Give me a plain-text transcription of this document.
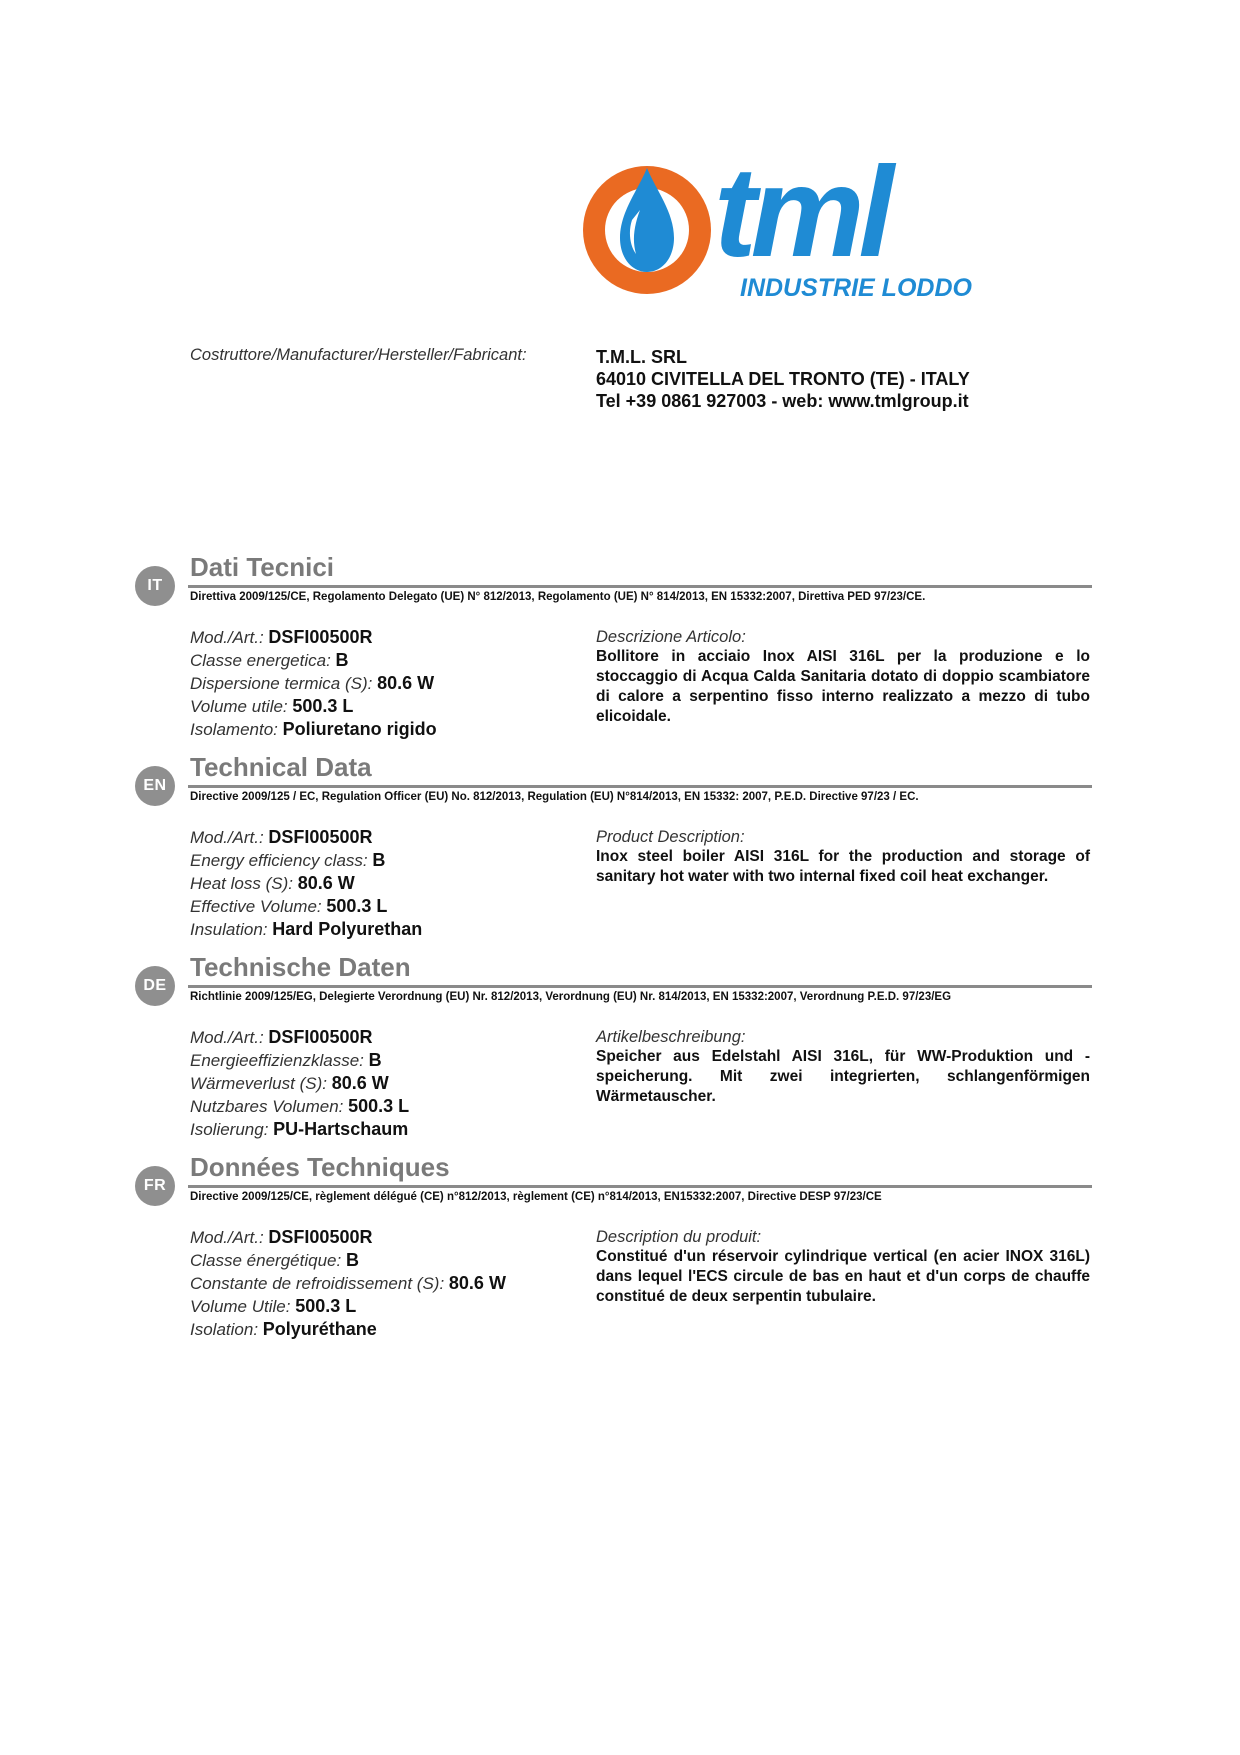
tml
INDUSTRIE LODDO
Costruttore/Manufacturer/Hersteller/Fabricant:	T.M.L. SRL
64010 CIVITELLA DEL TRONTO (TE) - ITALY
Tel +39 0861 927003 - web: www.tmlgroup.it
IT
Dati Tecnici
Direttiva 2009/125/CE, Regolamento Delegato (UE) N° 812/2013, Regolamento (UE) N° 814/2013, EN 15332:2007, Direttiva PED 97/23/CE.
Mod./Art.: DSFI00500R
Classe energetica: B
Dispersione termica (S): 80.6 W
Volume utile: 500.3 L
Isolamento: Poliuretano rigido
Descrizione Articolo:
Bollitore in acciaio Inox AISI 316L per la produzione e lo stoccaggio di Acqua Calda Sanitaria dotato di doppio scambiatore di calore a serpentino fisso interno realizzato a mezzo di tubo elicoidale.
EN
Technical Data
Directive 2009/125 / EC, Regulation Officer (EU) No. 812/2013, Regulation (EU) N°814/2013, EN 15332: 2007, P.E.D. Directive 97/23 / EC.
Mod./Art.: DSFI00500R
Energy efficiency class: B
Heat loss (S): 80.6 W
Effective Volume: 500.3 L
Insulation: Hard Polyurethan
Product Description:
Inox steel boiler AISI 316L for the production and storage of sanitary hot water with two internal fixed coil heat exchanger.
DE
Technische Daten
Richtlinie 2009/125/EG, Delegierte Verordnung (EU) Nr. 812/2013, Verordnung (EU) Nr. 814/2013, EN 15332:2007, Verordnung P.E.D. 97/23/EG
Mod./Art.: DSFI00500R
Energieeffizienzklasse: B
Wärmeverlust (S): 80.6 W
Nutzbares Volumen: 500.3 L
Isolierung: PU-Hartschaum
Artikelbeschreibung:
Speicher aus Edelstahl AISI 316L, für WW-Produktion und -speicherung. Mit zwei integrierten, schlangenförmigen Wärmetauscher.
FR
Données Techniques
Directive 2009/125/CE, règlement délégué (CE) n°812/2013, règlement (CE) n°814/2013, EN15332:2007, Directive DESP 97/23/CE
Mod./Art.: DSFI00500R
Classe énergétique: B
Constante de refroidissement (S): 80.6 W
Volume Utile: 500.3 L
Isolation: Polyuréthane
Description du produit:
Constitué d'un réservoir cylindrique vertical (en acier INOX 316L) dans lequel l'ECS circule de bas en haut et d'un corps de chauffe constitué de deux serpentin tubulaire.
